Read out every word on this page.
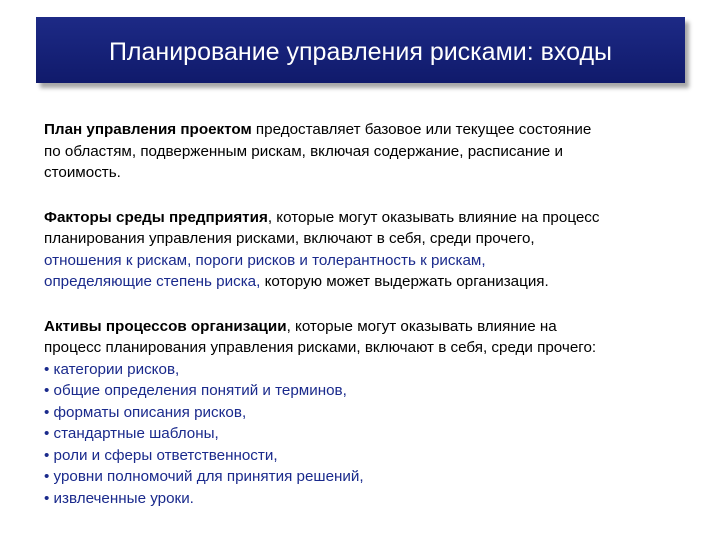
Планирование управления рисками: входы

План управления проектом предоставляет базовое или текущее состояние

по областям, подверженным рискам, включая содержание, расписание и

стоимость.

Факторы среды предприятия, которые могут оказывать влияние на процесс

планирования управления рисками, включают в себя, среди прочего,

отношения к рискам, пороги рисков и толерантность к рискам,

определяющие степень риска, которую может выдержать организация.

Активы процессов организации, которые могут оказывать влияние на

процесс планирования управления рисками, включают в себя, среди прочего:

• категории рисков,

• общие определения понятий и терминов,

• форматы описания рисков,

• стандартные шаблоны,

• роли и сферы ответственности,

• уровни полномочий для принятия решений,

• извлеченные уроки.
